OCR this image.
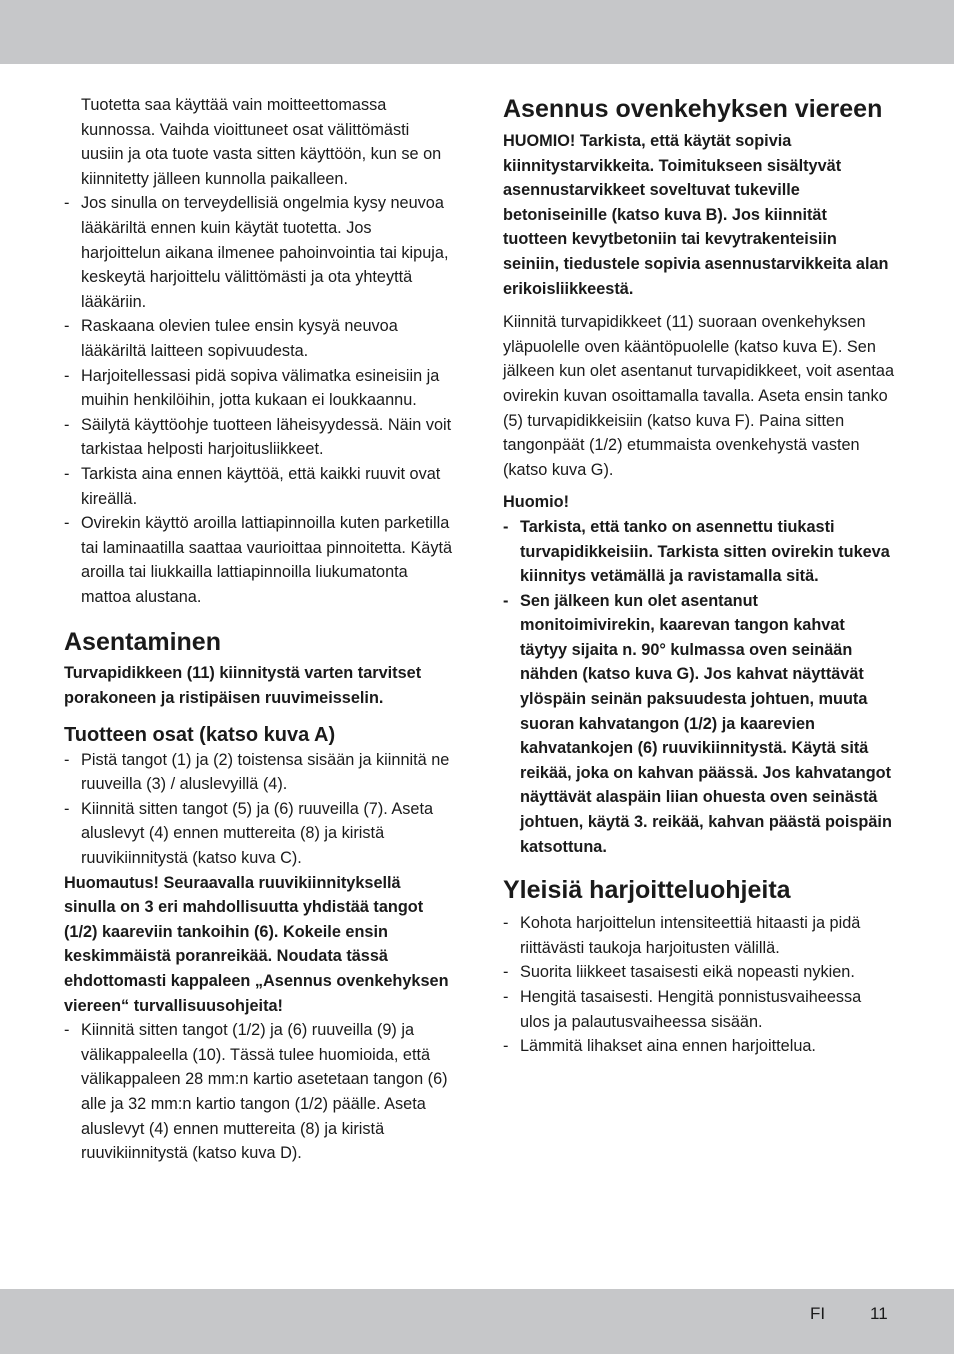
Tuotetta saa käyttää vain moitteettomassa kunnossa. Vaihda vioittuneet osat välittömästi uusiin ja ota tuote vasta sitten käyttöön, kun se on kiinnitetty jälleen kunnolla paikalleen.

- Jos sinulla on terveydellisiä ongelmia kysy neuvoa lääkäriltä ennen kuin käytät tuotetta. Jos harjoittelun aikana ilmenee pahoinvointia tai kipuja, keskeytä harjoittelu välittömästi ja ota yhteyttä lääkäriin.
- Raskaana olevien tulee ensin kysyä neuvoa lääkäriltä laitteen sopivuudesta.
- Harjoitellessasi pidä sopiva välimatka esineisiin ja muihin henkilöihin, jotta kukaan ei loukkaannu.
- Säilytä käyttöohje tuotteen läheisyydessä. Näin voit tarkistaa helposti harjoitusliikkeet.
- Tarkista aina ennen käyttöä, että kaikki ruuvit ovat kireällä.
- Ovirekin käyttö aroilla lattiapinnoilla kuten parketilla tai laminaatilla saattaa vaurioittaa pinnoitetta. Käytä aroilla tai liukkailla lattiapinnoilla liukumatonta mattoa alustana.
Asentaminen

Turvapidikkeen (11) kiinnitystä varten tarvitset porakoneen ja ristipäisen ruuvimeisselin.

Tuotteen osat (katso kuva A)
- Pistä tangot (1) ja (2) toistensa sisään ja kiinnitä ne ruuveilla (3) / aluslevyillä (4).
- Kiinnitä sitten tangot (5) ja (6) ruuveilla (7). Aseta aluslevyt (4) ennen muttereita (8) ja kiristä ruuvikiinnitystä (katso kuva C).

Huomautus! Seuraavalla ruuvikiinnityksellä sinulla on 3 eri mahdollisuutta yhdistää tangot (1/2) kaareviin tankoihin (6). Kokeile ensin keskimmäistä poranreikää. Noudata tässä ehdottomasti kappaleen „Asennus ovenkehyksen viereen“ turvallisuusohjeita!

- Kiinnitä sitten tangot (1/2) ja (6) ruuveilla (9) ja välikappaleella (10). Tässä tulee huomioida, että välikappaleen 28 mm:n kartio asetetaan tangon (6) alle ja 32 mm:n kartio tangon (1/2) päälle. Aseta aluslevyt (4) ennen muttereita (8) ja kiristä ruuvikiinnitystä (katso kuva D).
Asennus ovenkehyksen viereen

HUOMIO! Tarkista, että käytät sopivia kiinnitystarvikkeita. Toimitukseen sisältyvät asennustarvikkeet soveltuvat tukeville betoniseinille (katso kuva B). Jos kiinnität tuotteen kevytbetoniin tai kevytrakenteisiin seiniin, tiedustele sopivia asennustarvikkeita alan erikoisliikkeestä.

Kiinnitä turvapidikkeet (11) suoraan ovenkehyksen yläpuolelle oven kääntöpuolelle (katso kuva E). Sen jälkeen kun olet asentanut turvapidikkeet, voit asentaa ovirekin kuvan osoittamalla tavalla. Aseta ensin tanko (5) turvapidikkeisiin (katso kuva F). Paina sitten tangonpäät (1/2) etummaista ovenkehystä vasten (katso kuva G).

Huomio!

- Tarkista, että tanko on asennettu tiukasti turvapidikkeisiin. Tarkista sitten ovirekin tukeva kiinnitys vetämällä ja ravistamalla sitä.
- Sen jälkeen kun olet asentanut monitoimivirekin, kaarevan tangon kahvat täytyy sijaita n. 90° kulmassa oven seinään nähden (katso kuva G). Jos kahvat näyttävät ylöspäin seinän paksuudesta johtuen, muuta suoran kahvatangon (1/2) ja kaarevien kahvatankojen (6) ruuvikiinnitystä. Käytä sitä reikää, joka on kahvan päässä. Jos kahvatangot näyttävät alaspäin liian ohuesta oven seinästä johtuen, käytä 3. reikää, kahvan päästä poispäin katsottuna.
Yleisiä harjoitteluohjeita
- Kohota harjoittelun intensiteettiä hitaasti ja pidä riittävästi taukoja harjoitusten välillä.
- Suorita liikkeet tasaisesti eikä nopeasti nykien.
- Hengitä tasaisesti. Hengitä ponnistusvaiheessa ulos ja palautusvaiheessa sisään.
- Lämmitä lihakset aina ennen harjoittelua.
FI	11
